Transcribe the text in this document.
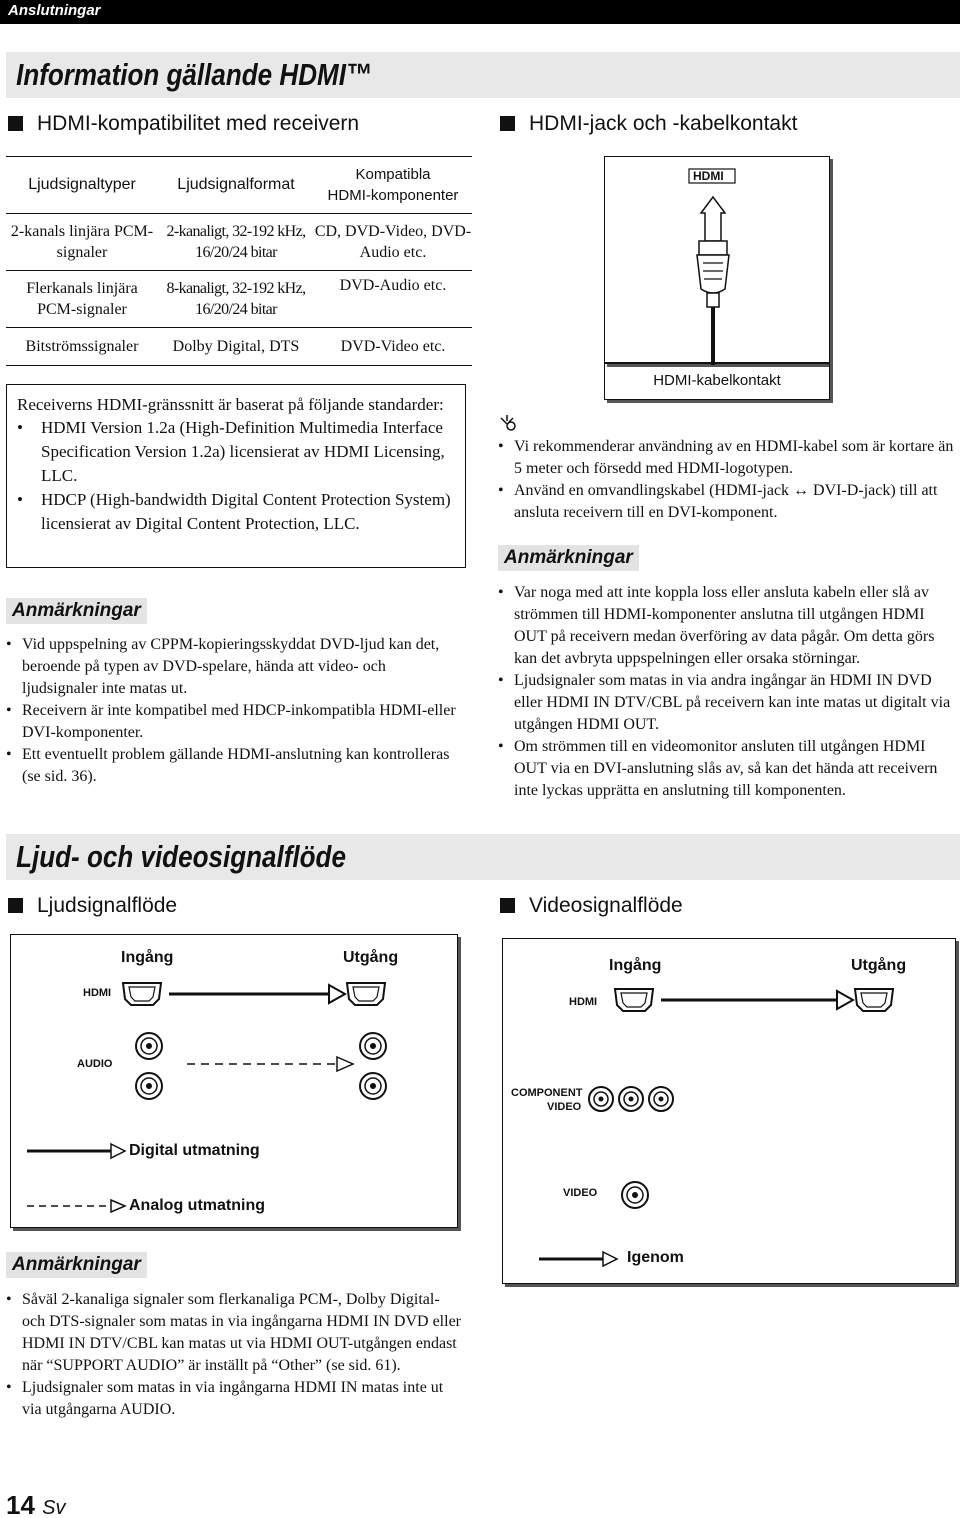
Anslutningar
Information gällande HDMI™
HDMI-kompatibilitet med receivern	HDMI-jack och -kabelkontakt
Ljudsignaltyper	Ljudsignalformat	Kompatibla
HDMI-komponenter
2-kanals linjära PCM-signaler	2-kanaligt, 32-192 kHz, 16/20/24 bitar	CD, DVD-Video, DVD-Audio etc.
Flerkanals linjära PCM-signaler	8-kanaligt, 32-192 kHz, 16/20/24 bitar	DVD-Audio etc.
Bitströmssignaler	Dolby Digital, DTS	DVD-Video etc.
Receiverns HDMI-gränssnitt är baserat på följande standarder:
• HDMI Version 1.2a (High-Definition Multimedia Interface Specification Version 1.2a) licensierat av HDMI Licensing, LLC.
• HDCP (High-bandwidth Digital Content Protection System) licensierat av Digital Content Protection, LLC.
Anmärkningar
• Vid uppspelning av CPPM-kopieringsskyddat DVD-ljud kan det, beroende på typen av DVD-spelare, hända att video- och ljudsignaler inte matas ut.
• Receivern är inte kompatibel med HDCP-inkompatibla HDMI-eller DVI-komponenter.
• Ett eventuellt problem gällande HDMI-anslutning kan kontrolleras (se sid. 36).
HDMI
HDMI-kabelkontakt
• Vi rekommenderar användning av en HDMI-kabel som är kortare än 5 meter och försedd med HDMI-logotypen.
• Använd en omvandlingskabel (HDMI-jack ↔ DVI-D-jack) till att ansluta receivern till en DVI-komponent.
Anmärkningar
• Var noga med att inte koppla loss eller ansluta kabeln eller slå av strömmen till HDMI-komponenter anslutna till utgången HDMI OUT på receivern medan överföring av data pågår. Om detta görs kan det avbryta uppspelningen eller orsaka störningar.
• Ljudsignaler som matas in via andra ingångar än HDMI IN DVD eller HDMI IN DTV/CBL på receivern kan inte matas ut digitalt via utgången HDMI OUT.
• Om strömmen till en videomonitor ansluten till utgången HDMI OUT via en DVI-anslutning slås av, så kan det hända att receivern inte lyckas upprätta en anslutning till komponenten.
Ljud- och videosignalflöde
Ljudsignalflöde	Videosignalflöde
Ingång	Utgång
HDMI
AUDIO
Digital utmatning
Analog utmatning
Ingång	Utgång
HDMI
COMPONENT
VIDEO
VIDEO
Igenom
Anmärkningar
• Såväl 2-kanaliga signaler som flerkanaliga PCM-, Dolby Digital- och DTS-signaler som matas in via ingångarna HDMI IN DVD eller HDMI IN DTV/CBL kan matas ut via HDMI OUT-utgången endast när “SUPPORT AUDIO” är inställt på “Other” (se sid. 61).
• Ljudsignaler som matas in via ingångarna HDMI IN matas inte ut via utgångarna AUDIO.
14 Sv
